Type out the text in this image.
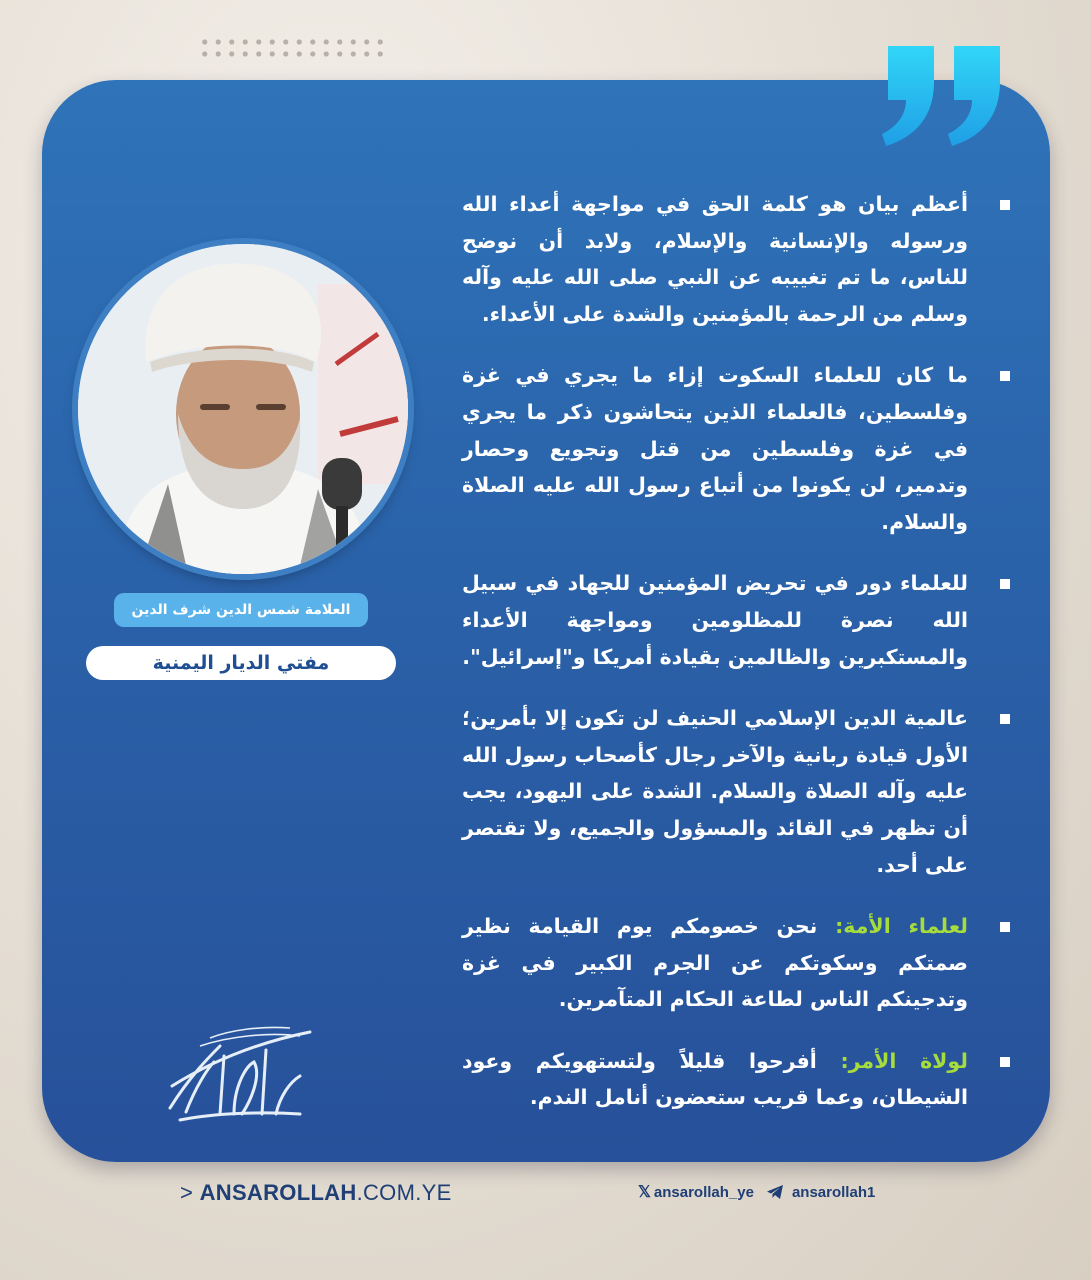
العلامة شمس الدين شرف الدين
مفتي الديار اليمنية
أعظم بيان هو كلمة الحق في مواجهة أعداء الله ورسوله والإنسانية والإسلام، ولابد أن نوضح للناس، ما تم تغييبه عن النبي صلى الله عليه وآله وسلم من الرحمة بالمؤمنين والشدة على الأعداء.
ما كان للعلماء السكوت إزاء ما يجري في غزة وفلسطين، فالعلماء الذين يتحاشون ذكر ما يجري في غزة وفلسطين من قتل وتجويع وحصار وتدمير، لن يكونوا من أتباع رسول الله عليه الصلاة والسلام.
للعلماء دور في تحريض المؤمنين للجهاد في سبيل الله نصرة للمظلومين ومواجهة الأعداء والمستكبرين والظالمين بقيادة أمريكا و"إسرائيل".
عالمية الدين الإسلامي الحنيف لن تكون إلا بأمرين؛ الأول قيادة ربانية والآخر رجال كأصحاب رسول الله عليه وآله الصلاة والسلام. الشدة على اليهود، يجب أن تظهر في القائد والمسؤول والجميع، ولا تقتصر على أحد.
لعلماء الأمة: نحن خصومكم يوم القيامة نظير صمتكم وسكوتكم عن الجرم الكبير في غزة وتدجينكم الناس لطاعة الحكام المتآمرين.
لولاة الأمر: أفرحوا قليلاً ولتستهويكم وعود الشيطان، وعما قريب ستعضون أنامل الندم.
> ANSAROLLAH.COM.YE	𝕏 ansarollah_ye	ansarollah1
